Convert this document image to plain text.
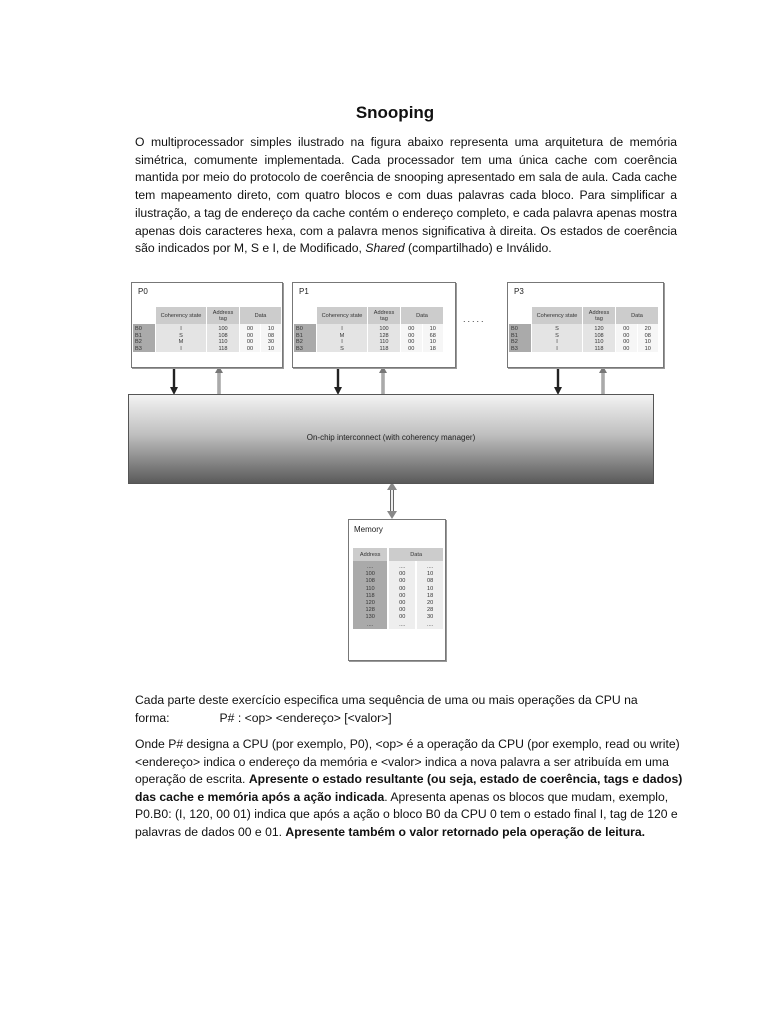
Snooping
O multiprocessador simples ilustrado na figura abaixo representa uma arquitetura de memória simétrica, comumente implementada. Cada processador tem uma única cache com coerência mantida por meio do protocolo de coerência de snooping apresentado em sala de aula. Cada cache tem mapeamento direto, com quatro blocos e com duas palavras cada bloco. Para simplificar a ilustração, a tag de endereço da cache contém o endereço completo, e cada palavra apenas mostra apenas dois caracteres hexa, com a palavra menos significativa à direita. Os estados de coerência são indicados por M, S e I, de Modificado, Shared (compartilhado) e Inválido.
P0
	Coherency state	Address tag	Data	
B0	I	100	00	10
B1	S	108	00	08
B2	M	110	00	30
B3	I	118	00	10
P1
	Coherency state	Address tag	Data	
B0	I	100	00	10
B1	M	128	00	68
B2	I	110	00	10
B3	S	118	00	18
.....
P3
	Coherency state	Address tag	Data	
B0	S	120	00	20
B1	S	108	00	08
B2	I	110	00	10
B3	I	118	00	10
On-chip interconnect (with coherency manager)
Memory
Address	Data	
....	....	....
100	00	10
108	00	08
110	00	10
118	00	18
120	00	20
128	00	28
130	00	30
....	....	....
Cada parte deste exercício especifica uma sequência de uma ou mais operações da CPU na
forma:	P# : <op> <endereço> [<valor>]
Onde P# designa a CPU (por exemplo, P0), <op> é a operação da CPU (por exemplo, read ou write) <endereço> indica o endereço da memória e <valor> indica a nova palavra a ser atribuída em uma operação de escrita. Apresente o estado resultante (ou seja, estado de coerência, tags e dados) das cache e memória após a ação indicada. Apresenta apenas os blocos que mudam, exemplo, P0.B0: (I, 120, 00 01) indica que após a ação o bloco B0 da CPU 0 tem o estado final I, tag de 120 e palavras de dados 00 e 01. Apresente também o valor retornado pela operação de leitura.
